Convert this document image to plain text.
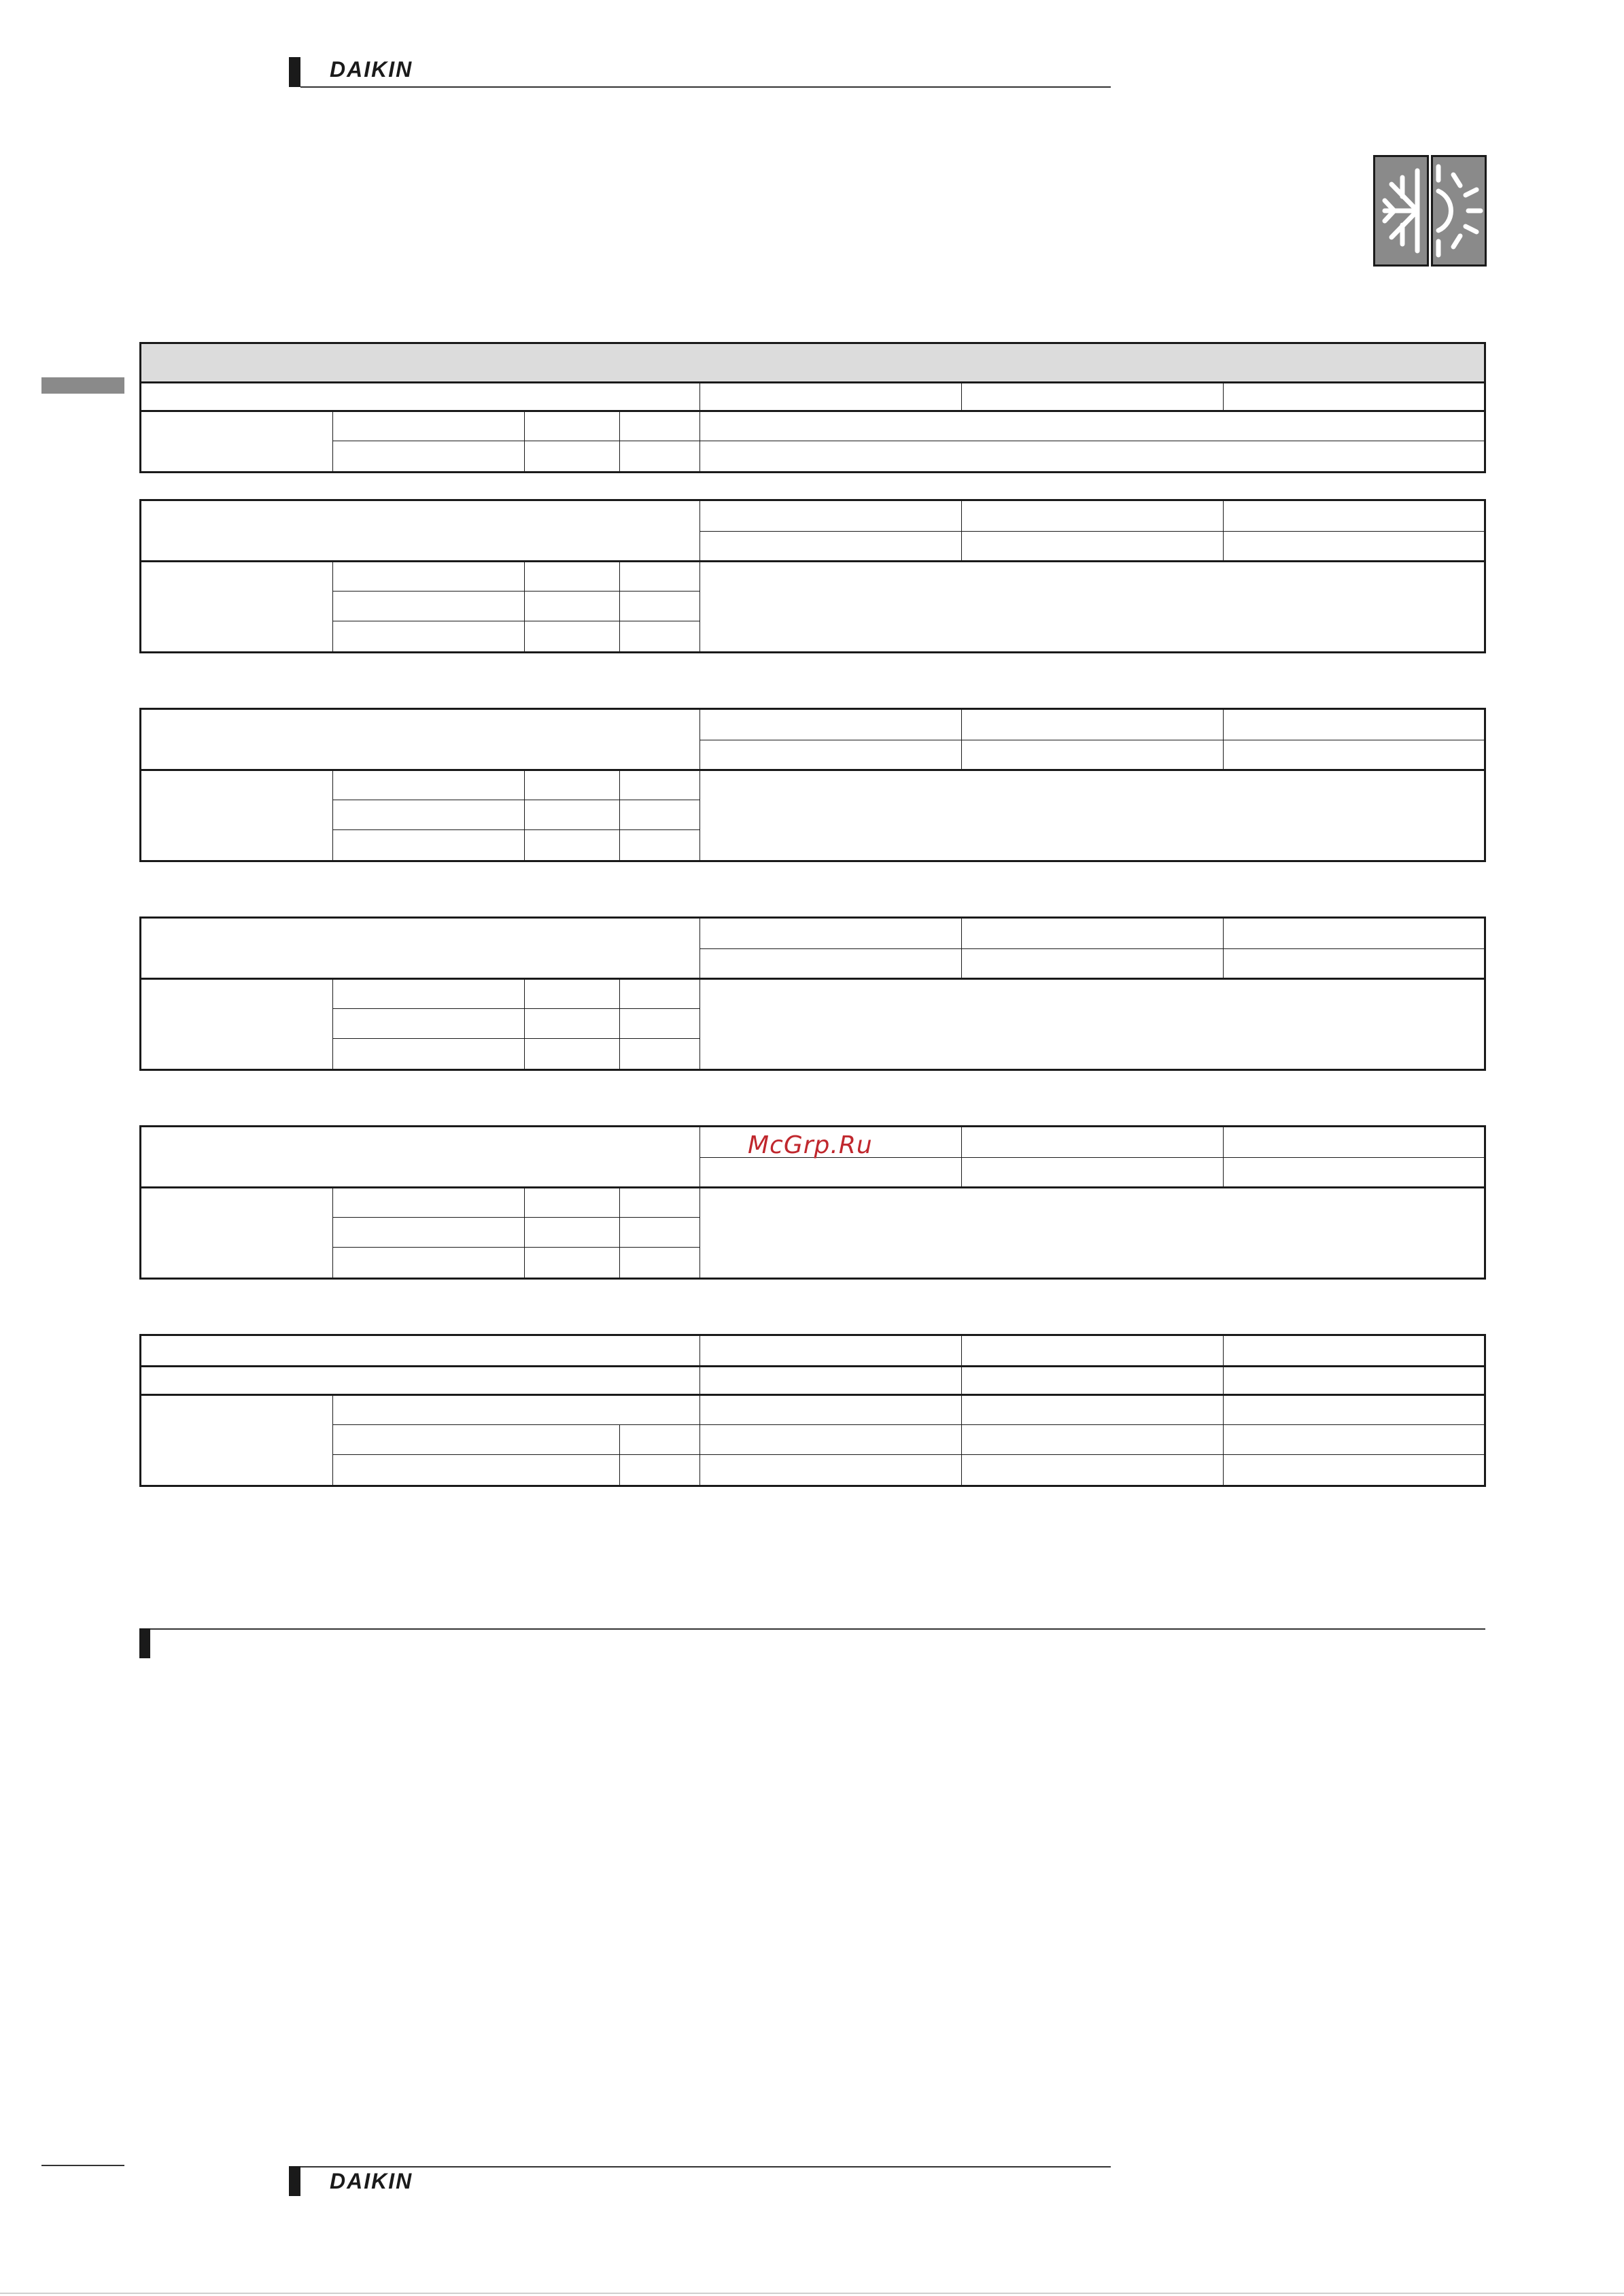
DAIKIN

McGrp.Ru
DAIKIN
